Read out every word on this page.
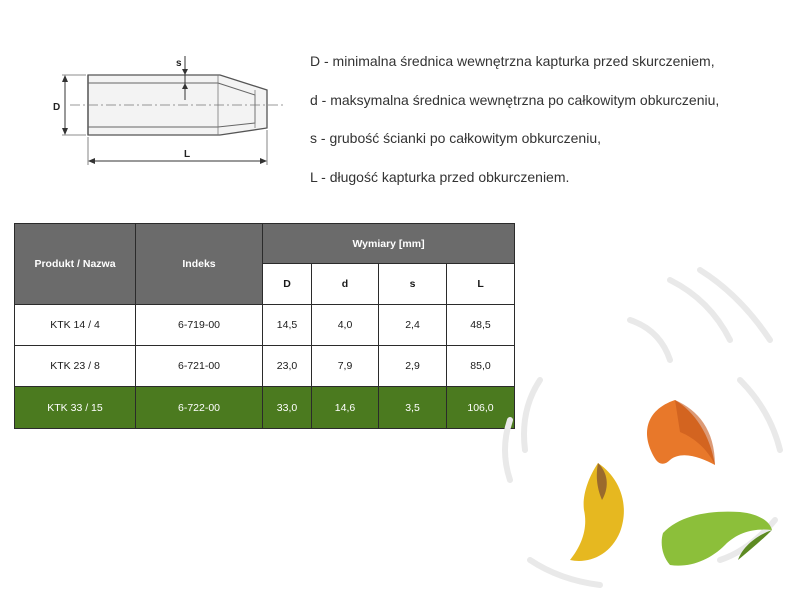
D
s
L
D - minimalna średnica wewnętrzna kapturka przed skurczeniem,
d - maksymalna średnica wewnętrzna po całkowitym obkurczeniu,
s - grubość ścianki po całkowitym obkurczeniu,
L - długość kapturka przed obkurczeniem.
Produkt / Nazwa	Indeks	Wymiary [mm]			
		D	d	s	L
KTK 14 / 4	6-719-00	14,5	4,0	2,4	48,5
KTK 23 / 8	6-721-00	23,0	7,9	2,9	85,0
KTK 33 / 15	6-722-00	33,0	14,6	3,5	106,0
